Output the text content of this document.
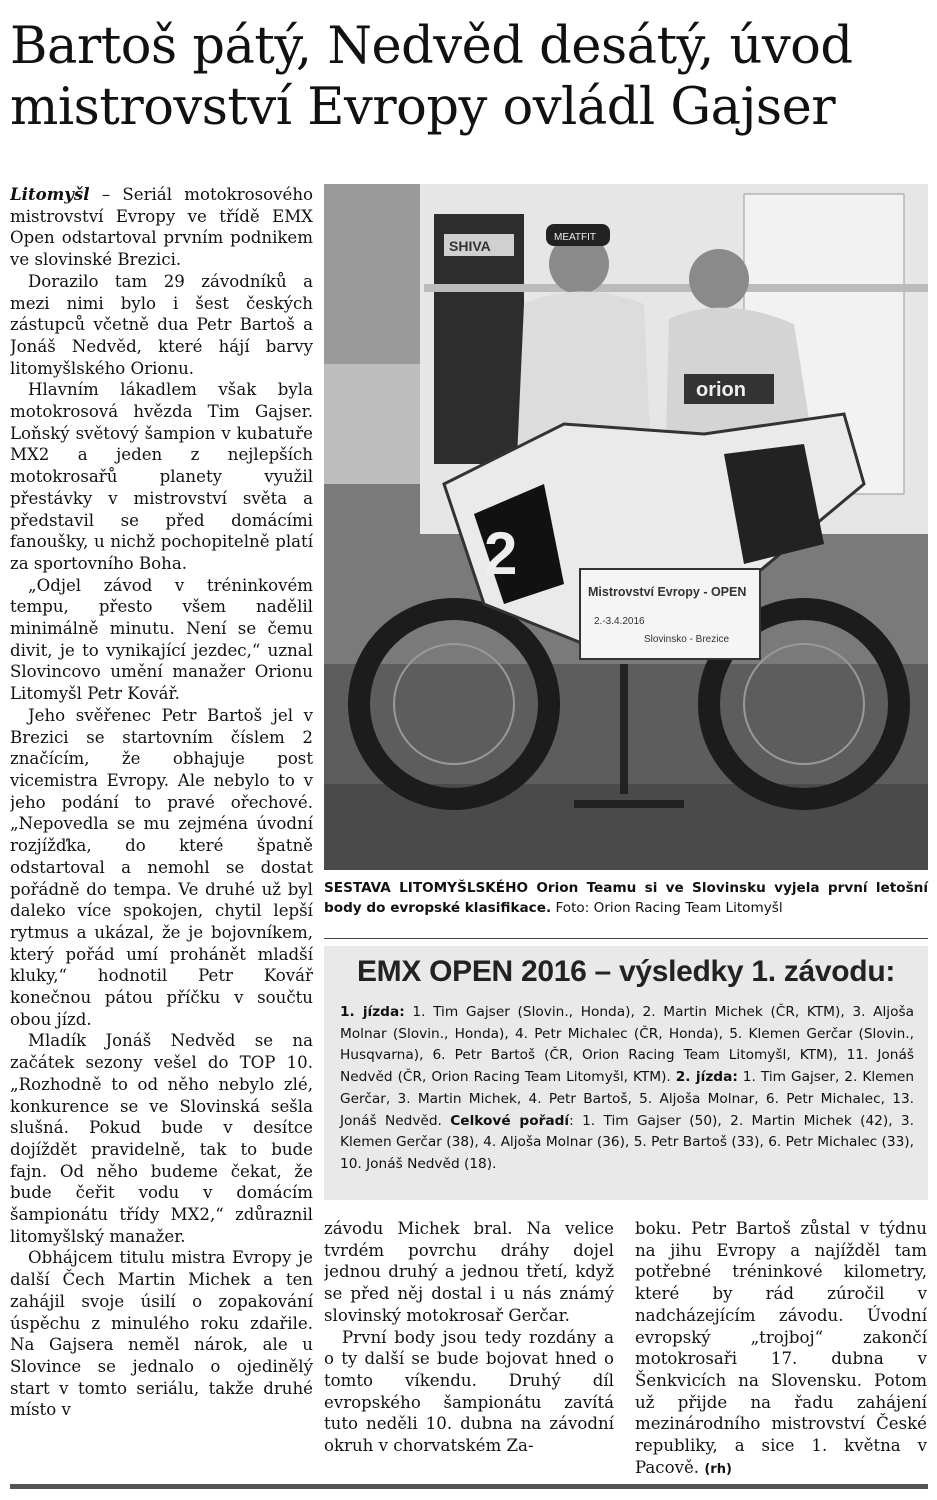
Bartoš pátý, Nedvěd desátý, úvod mistrovství Evropy ovládl Gajser

Litomyšl – Seriál motokrosového mistrovství Evropy ve třídě EMX Open odstartoval prvním podnikem ve slovinské Brezici.

Dorazilo tam 29 závodníků a mezi nimi bylo i šest českých zástupců včetně dua Petr Bartoš a Jonáš Nedvěd, které hájí barvy litomyšlského Orionu.

Hlavním lákadlem však byla motokrosová hvězda Tim Gajser. Loňský světový šampion v kubatuře MX2 a jeden z nejlepších motokrosařů planety využil přestávky v mistrovství světa a představil se před domácími fanoušky, u nichž pochopitelně platí za sportovního Boha.

„Odjel závod v tréninkovém tempu, přesto všem nadělil minimálně minutu. Není se čemu divit, je to vynikající jezdec,“ uznal Slovincovo umění manažer Orionu Litomyšl Petr Kovář.

Jeho svěřenec Petr Bartoš jel v Brezici se startovním číslem 2 značícím, že obhajuje post vicemistra Evropy. Ale nebylo to v jeho podání to pravé ořechové. „Nepovedla se mu zejména úvodní rozjížďka, do které špatně odstartoval a nemohl se dostat pořádně do tempa. Ve druhé už byl daleko více spokojen, chytil lepší rytmus a ukázal, že je bojovníkem, který pořád umí prohánět mladší kluky,“ hodnotil Petr Kovář konečnou pátou příčku v součtu obou jízd.

Mladík Jonáš Nedvěd se na začátek sezony vešel do TOP 10. „Rozhodně to od něho nebylo zlé, konkurence se ve Slovinská sešla slušná. Pokud bude v desítce dojíždět pravidelně, tak to bude fajn. Od něho budeme čekat, že bude čeřit vodu v domácím šampionátu třídy MX2,“ zdůraznil litomyšlský manažer.

Obhájcem titulu mistra Evropy je další Čech Martin Michek a ten zahájil svoje úsilí o zopakování úspěchu z minulého roku zdařile. Na Gajsera neměl nárok, ale u Slovince se jednalo o ojedinělý start v tomto seriálu, takže druhé místo v

SHIVA
MEATFIT
orion
2
Mistrovství Evropy - OPEN
2.-3.4.2016
Slovinsko - Brezice
SESTAVA LITOMYŠLSKÉHO Orion Teamu si ve Slovinsku vyjela první letošní body do evropské klasifikace. Foto: Orion Racing Team Litomyšl
EMX OPEN 2016 – výsledky 1. závodu:
1. jízda: 1. Tim Gajser (Slovin., Honda), 2. Martin Michek (ČR, KTM), 3. Aljoša Molnar (Slovin., Honda), 4. Petr Michalec (ČR, Honda), 5. Klemen Gerčar (Slovin., Husqvarna), 6. Petr Bartoš (ČR, Orion Racing Team Litomyšl, KTM), 11. Jonáš Nedvěd (ČR, Orion Racing Team Litomyšl, KTM). 2. jízda: 1. Tim Gajser, 2. Klemen Gerčar, 3. Martin Michek, 4. Petr Bartoš, 5. Aljoša Molnar, 6. Petr Michalec, 13. Jonáš Nedvěd. Celkové pořadí: 1. Tim Gajser (50), 2. Martin Michek (42), 3. Klemen Gerčar (38), 4. Aljoša Molnar (36), 5. Petr Bartoš (33), 6. Petr Michalec (33), 10. Jonáš Nedvěd (18).

závodu Michek bral. Na velice tvrdém povrchu dráhy dojel jednou druhý a jednou třetí, když se před něj dostal i u nás známý slovinský motokrosař Gerčar.

První body jsou tedy rozdány a o ty další se bude bojovat hned o tomto víkendu. Druhý díl evropského šampionátu zavítá tuto neděli 10. dubna na závodní okruh v chorvatském Za-

boku. Petr Bartoš zůstal v týdnu na jihu Evropy a najížděl tam potřebné tréninkové kilometry, které by rád zúročil v nadcházejícím závodu. Úvodní evropský „trojboj“ zakončí motokrosaři 17. dubna v Šenkvicích na Slovensku. Potom už přijde na řadu zahájení mezinárodního mistrovství České republiky, a sice 1. května v Pacově. (rh)
